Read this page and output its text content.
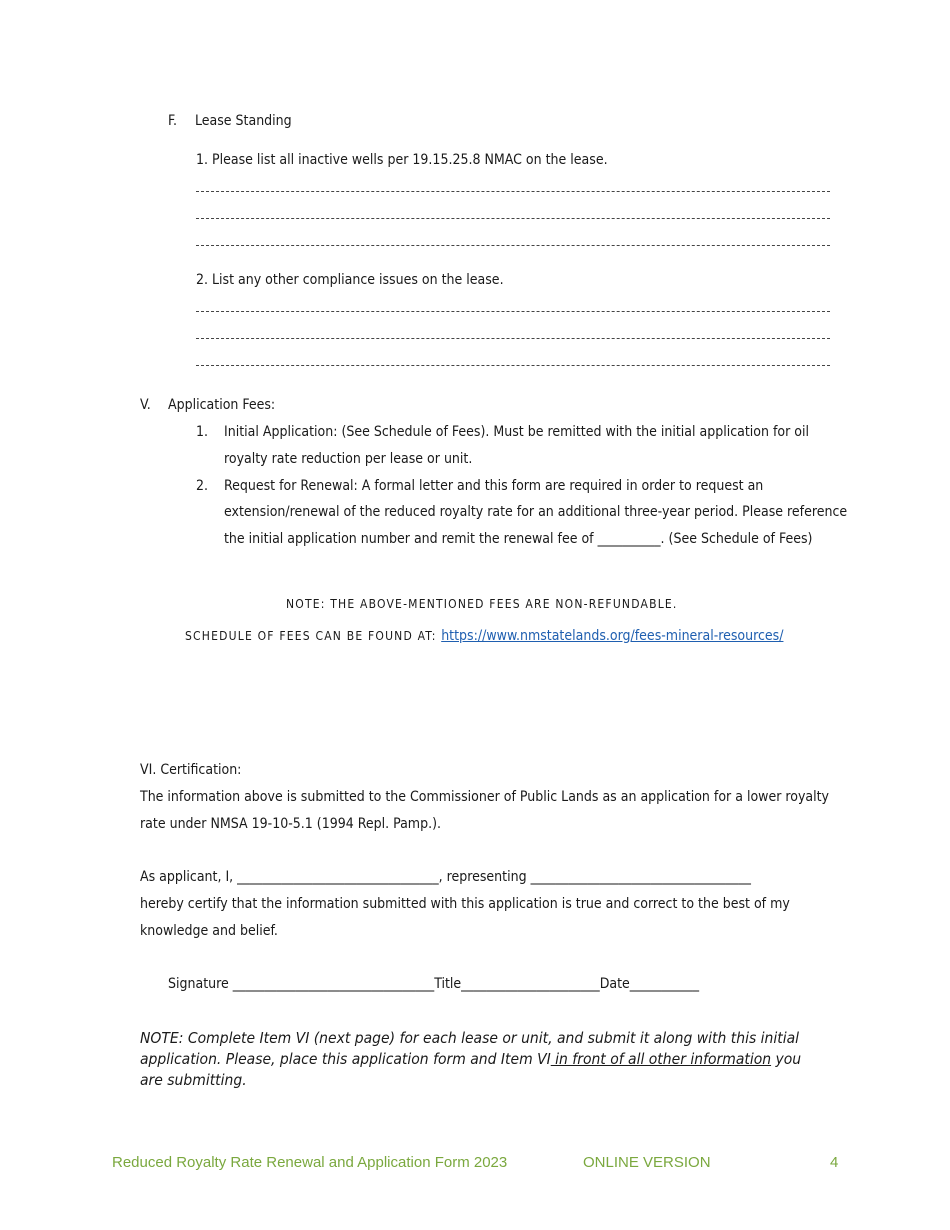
F. Lease Standing
1. Please list all inactive wells per 19.15.25.8 NMAC on the lease.
2. List any other compliance issues on the lease.
V. Application Fees:
1. Initial Application: (See Schedule of Fees). Must be remitted with the initial application for oil
royalty rate reduction per lease or unit.
2. Request for Renewal: A formal letter and this form are required in order to request an
extension/renewal of the reduced royalty rate for an additional three-year period. Please reference
the initial application number and remit the renewal fee of __________. (See Schedule of Fees)
NOTE: THE ABOVE-MENTIONED FEES ARE NON-REFUNDABLE.
SCHEDULE OF FEES CAN BE FOUND AT: https://www.nmstatelands.org/fees-mineral-resources/
VI. Certification:
The information above is submitted to the Commissioner of Public Lands as an application for a lower royalty
rate under NMSA 19-10-5.1 (1994 Repl. Pamp.).
As applicant, I, ________________________________, representing ___________________________________
hereby certify that the information submitted with this application is true and correct to the best of my
knowledge and belief.
Signature ________________________________Title______________________Date___________
NOTE: Complete Item VI (next page) for each lease or unit, and submit it along with this initial
application. Please, place this application form and Item VI in front of all other information you
are submitting.
Reduced Royalty Rate Renewal and Application Form 2023	ONLINE VERSION	4
